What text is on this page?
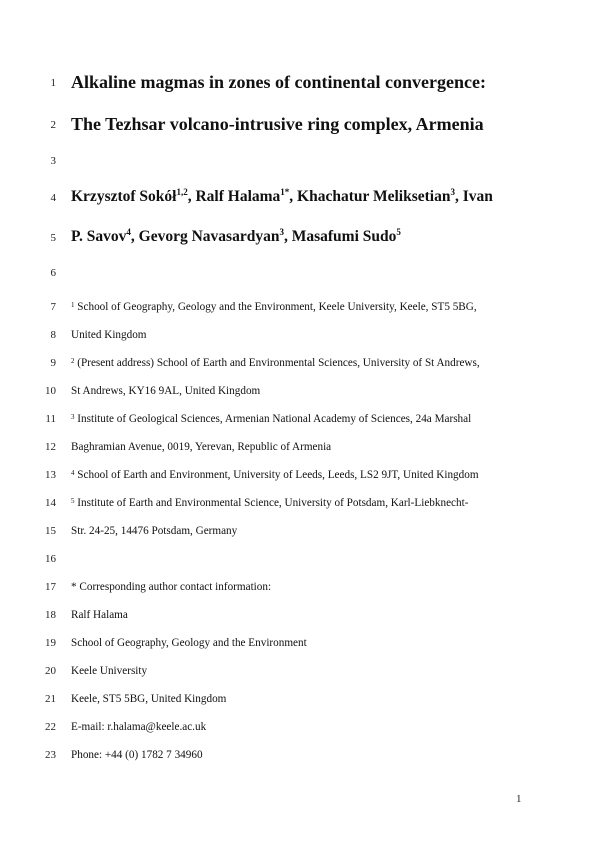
1 Alkaline magmas in zones of continental convergence:
2 The Tezhsar volcano-intrusive ring complex, Armenia
3
4 Krzysztof Sokół$^{1,2}$, Ralf Halama$^{1*}$, Khachatur Meliksetian$^3$, Ivan
5 P. Savov$^4$, Gevorg Navasardyan$^3$, Masafumi Sudo$^5$
6
7 $^1$ School of Geography, Geology and the Environment, Keele University, Keele, ST5 5BG,
8 United Kingdom
9 $^2$ (Present address) School of Earth and Environmental Sciences, University of St Andrews,
10 St Andrews, KY16 9AL, United Kingdom
11 $^3$ Institute of Geological Sciences, Armenian National Academy of Sciences, 24a Marshal
12 Baghramian Avenue, 0019, Yerevan, Republic of Armenia
13 $^4$ School of Earth and Environment, University of Leeds, Leeds, LS2 9JT, United Kingdom
14 $^5$ Institute of Earth and Environmental Science, University of Potsdam, Karl-Liebknecht-
15 Str. 24-25, 14476 Potsdam, Germany
16
17 * Corresponding author contact information:
18 Ralf Halama
19 School of Geography, Geology and the Environment
20 Keele University
21 Keele, ST5 5BG, United Kingdom
22 E-mail: r.halama@keele.ac.uk
23 Phone: +44 (0) 1782 7 34960
1
